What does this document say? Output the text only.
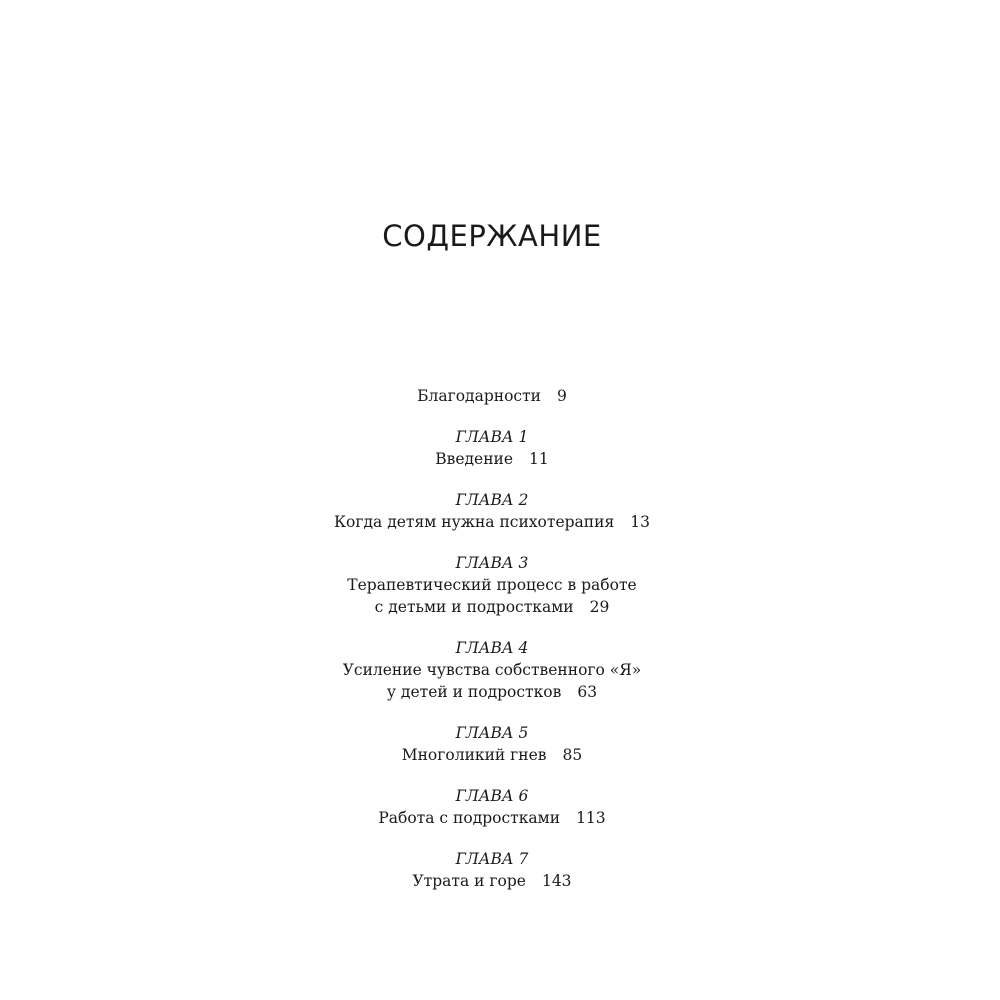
СОДЕРЖАНИЕ
Благодарности 9
ГЛАВА 1
Введение 11
ГЛАВА 2
Когда детям нужна психотерапия 13
ГЛАВА 3
Терапевтический процесс в работе
с детьми и подростками 29
ГЛАВА 4
Усиление чувства собственного «Я»
у детей и подростков 63
ГЛАВА 5
Многоликий гнев 85
ГЛАВА 6
Работа с подростками 113
ГЛАВА 7
Утрата и горе 143
